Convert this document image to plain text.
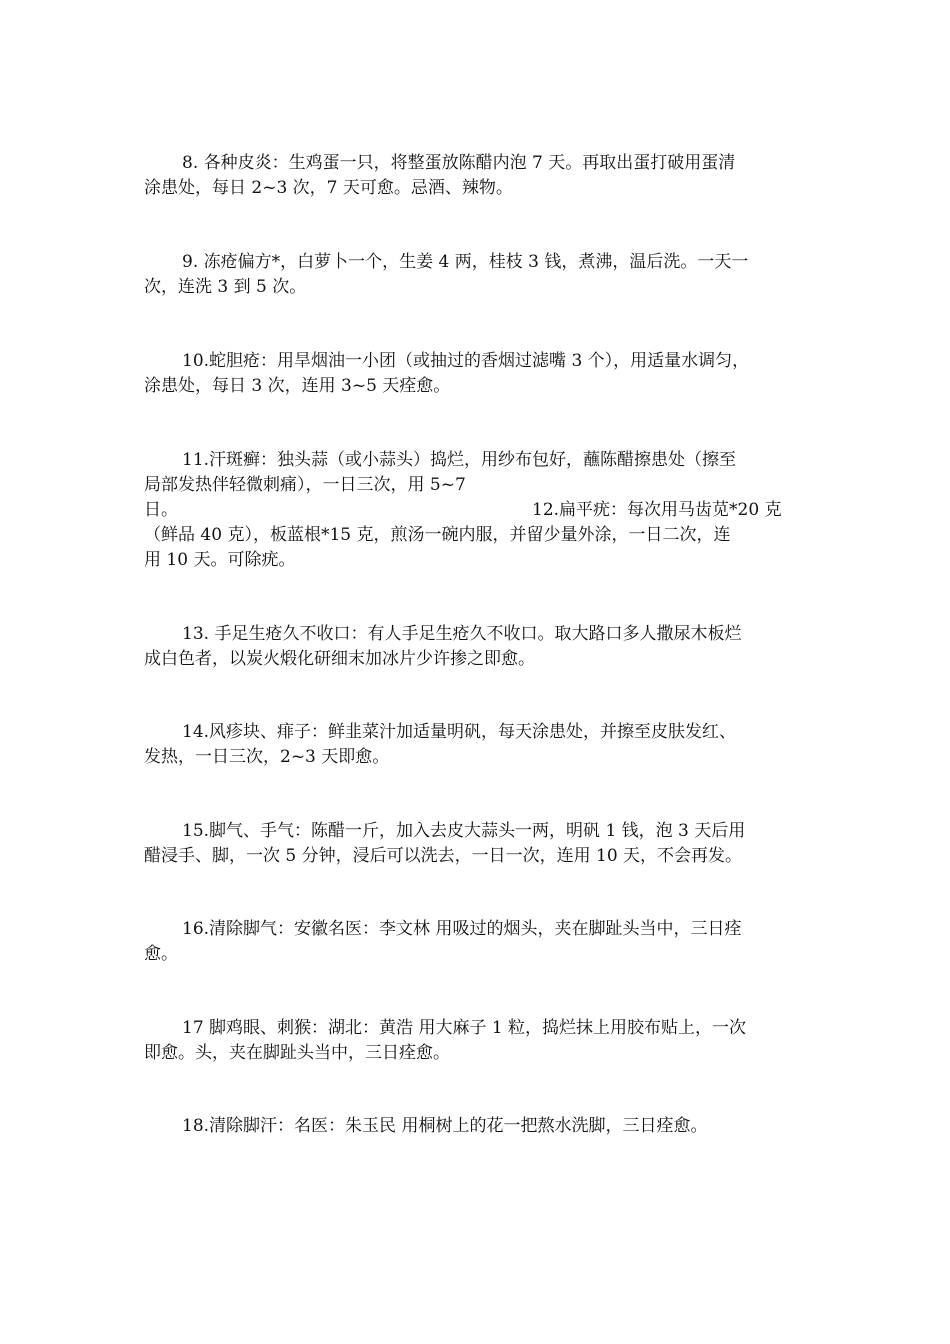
8. 各种皮炎：生鸡蛋一只，将整蛋放陈醋内泡 7 天。再取出蛋打破用蛋清
涂患处，每日 2~3 次，7 天可愈。忌酒、辣物。
9. 冻疮偏方*，白萝卜一个，生姜 4 两，桂枝 3 钱，煮沸，温后洗。一天一
次，连洗 3 到 5 次。
10.蛇胆疮：用旱烟油一小团（或抽过的香烟过滤嘴 3 个），用适量水调匀，
涂患处，每日 3 次，连用 3~5 天痊愈。
11.汗斑癣：独头蒜（或小蒜头）捣烂，用纱布包好，蘸陈醋擦患处（擦至
局部发热伴轻微刺痛），一日三次，用 5~7
日。	12.扁平疣：每次用马齿苋*20 克
（鲜品 40 克），板蓝根*15 克，煎汤一碗内服，并留少量外涂，一日二次，连
用 10 天。可除疣。
13. 手足生疮久不收口：有人手足生疮久不收口。取大路口多人撒尿木板烂
成白色者，以炭火煅化研细末加冰片少许掺之即愈。
14.风疹块、痱子：鲜韭菜汁加适量明矾，每天涂患处，并擦至皮肤发红、
发热，一日三次，2~3 天即愈。
15.脚气、手气：陈醋一斤，加入去皮大蒜头一两，明矾 1 钱，泡 3 天后用
醋浸手、脚，一次 5 分钟，浸后可以洗去，一日一次，连用 10 天，不会再发。
16.清除脚气：安徽名医：李文林 用吸过的烟头，夹在脚趾头当中，三日痊
愈。
17 脚鸡眼、刺猴：湖北：黄浩 用大麻子 1 粒，捣烂抹上用胶布贴上，一次
即愈。头，夹在脚趾头当中，三日痊愈。
18.清除脚汗：名医：朱玉民 用桐树上的花一把熬水洗脚，三日痊愈。
